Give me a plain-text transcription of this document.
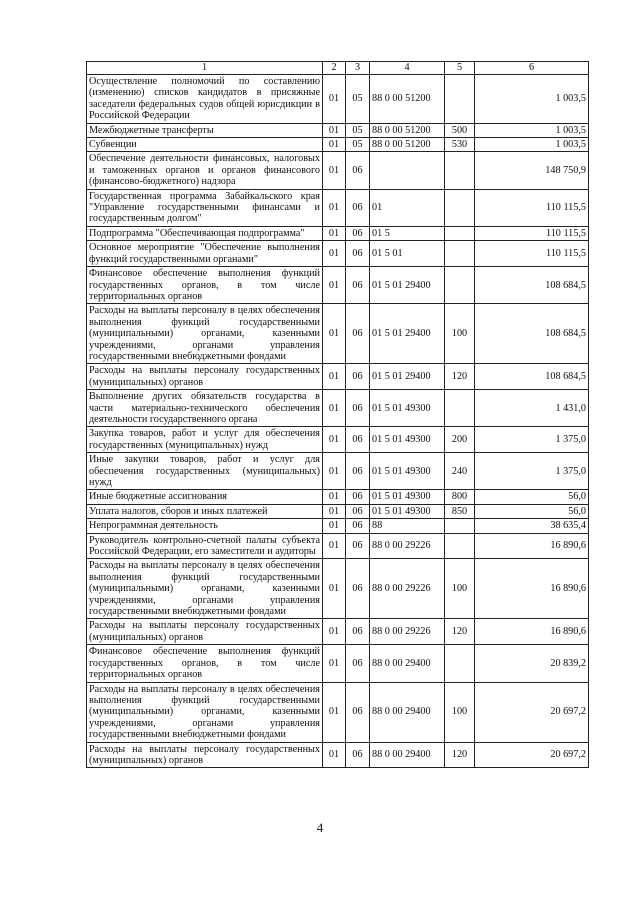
1	2	3	4	5	6
Осуществление полномочий по составлению (изменению) списков кандидатов в присяжные заседатели федеральных судов общей юрисдикции в Российской Федерации	01	05	88 0 00 51200		1 003,5
Межбюджетные трансферты	01	05	88 0 00 51200	500	1 003,5
Субвенции	01	05	88 0 00 51200	530	1 003,5
Обеспечение деятельности финансовых, налоговых и таможенных органов и органов финансового (финансово-бюджетного) надзора	01	06			148 750,9
Государственная программа Забайкальского края "Управление государственными финансами и государственным долгом"	01	06	01		110 115,5
Подпрограмма "Обеспечивающая подпрограмма"	01	06	01 5		110 115,5
Основное мероприятие "Обеспечение выполнения функций государственными органами"	01	06	01 5 01		110 115,5
Финансовое обеспечение выполнения функций государственных органов, в том числе территориальных органов	01	06	01 5 01 29400		108 684,5
Расходы на выплаты персоналу в целях обеспечения выполнения функций государственными (муниципальными) органами, казенными учреждениями, органами управления государственными внебюджетными фондами	01	06	01 5 01 29400	100	108 684,5
Расходы на выплаты персоналу государственных (муниципальных) органов	01	06	01 5 01 29400	120	108 684,5
Выполнение других обязательств государства в части материально-технического обеспечения деятельности государственного органа	01	06	01 5 01 49300		1 431,0
Закупка товаров, работ и услуг для обеспечения государственных (муниципальных) нужд	01	06	01 5 01 49300	200	1 375,0
Иные закупки товаров, работ и услуг для обеспечения государственных (муниципальных) нужд	01	06	01 5 01 49300	240	1 375,0
Иные бюджетные ассигнования	01	06	01 5 01 49300	800	56,0
Уплата налогов, сборов и иных платежей	01	06	01 5 01 49300	850	56,0
Непрограммная деятельность	01	06	88		38 635,4
Руководитель контрольно-счетной палаты субъекта Российской Федерации, его заместители и аудиторы	01	06	88 0 00 29226		16 890,6
Расходы на выплаты персоналу в целях обеспечения выполнения функций государственными (муниципальными) органами, казенными учреждениями, органами управления государственными внебюджетными фондами	01	06	88 0 00 29226	100	16 890,6
Расходы на выплаты персоналу государственных (муниципальных) органов	01	06	88 0 00 29226	120	16 890,6
Финансовое обеспечение выполнения функций государственных органов, в том числе территориальных органов	01	06	88 0 00 29400		20 839,2
Расходы на выплаты персоналу в целях обеспечения выполнения функций государственными (муниципальными) органами, казенными учреждениями, органами управления государственными внебюджетными фондами	01	06	88 0 00 29400	100	20 697,2
Расходы на выплаты персоналу государственных (муниципальных) органов	01	06	88 0 00 29400	120	20 697,2
4
